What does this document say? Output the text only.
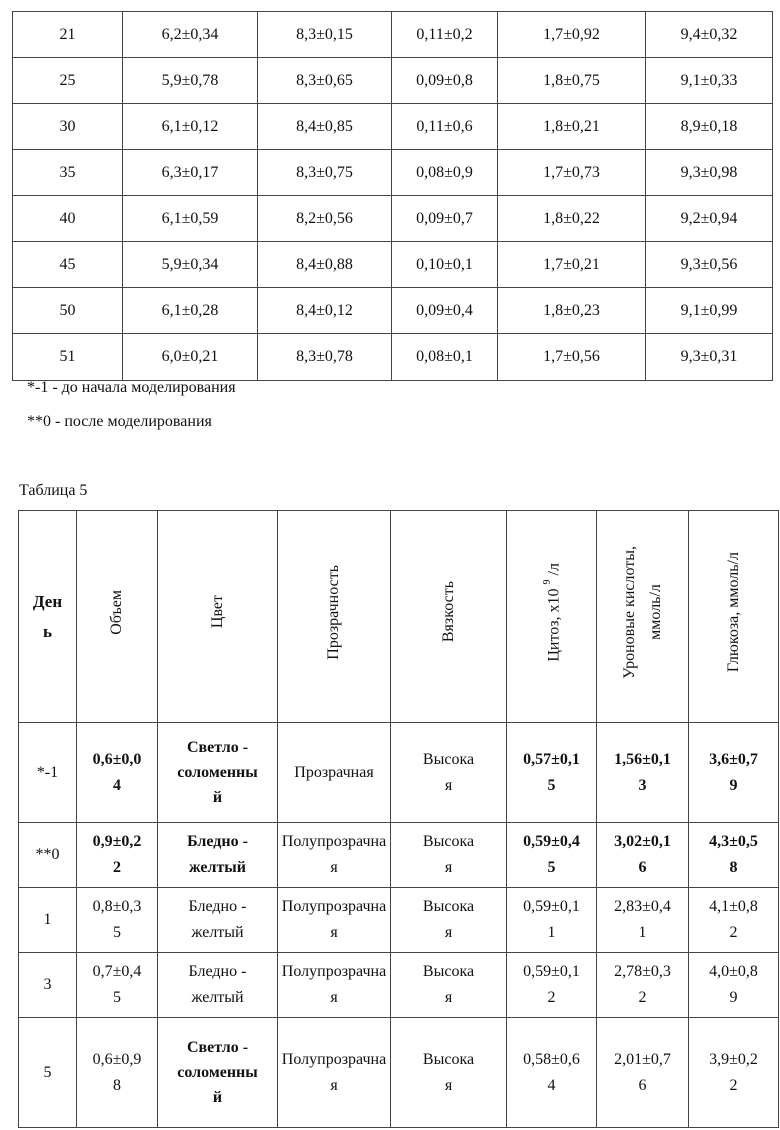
21	6,2±0,34	8,3±0,15	0,11±0,2	1,7±0,92	9,4±0,32
25	5,9±0,78	8,3±0,65	0,09±0,8	1,8±0,75	9,1±0,33
30	6,1±0,12	8,4±0,85	0,11±0,6	1,8±0,21	8,9±0,18
35	6,3±0,17	8,3±0,75	0,08±0,9	1,7±0,73	9,3±0,98
40	6,1±0,59	8,2±0,56	0,09±0,7	1,8±0,22	9,2±0,94
45	5,9±0,34	8,4±0,88	0,10±0,1	1,7±0,21	9,3±0,56
50	6,1±0,28	8,4±0,12	0,09±0,4	1,8±0,23	9,1±0,99
51	6,0±0,21	8,3±0,78	0,08±0,1	1,7±0,56	9,3±0,31
*-1 - до начала моделирования
**0 - после моделирования
Таблица 5
Ден
ь	Объем	Цвет	Прозрачность	Вязкость	Цитоз, х10 9 /л	Уроновые кислоты, ммоль/л	Глюкоза, ммоль/л
*-1	
0,6±0,0
4

Светло -
соломенны
й

Прозрачная

Высока
я

0,57±0,1
5

1,56±0,1
3

3,6±0,7
9

**0	
0,9±0,2
2

Бледно -
желтый

Полупрозрачна
я

Высока
я

0,59±0,4
5

3,02±0,1
6

4,3±0,5
8

1	
0,8±0,3
5

Бледно -
желтый

Полупрозрачна
я

Высока
я

0,59±0,1
1

2,83±0,4
1

4,1±0,8
2

3	
0,7±0,4
5

Бледно -
желтый

Полупрозрачна
я

Высока
я

0,59±0,1
2

2,78±0,3
2

4,0±0,8
9

5	
0,6±0,9
8

Светло -
соломенны
й

Полупрозрачна
я

Высока
я

0,58±0,6
4

2,01±0,7
6

3,9±0,2
2
